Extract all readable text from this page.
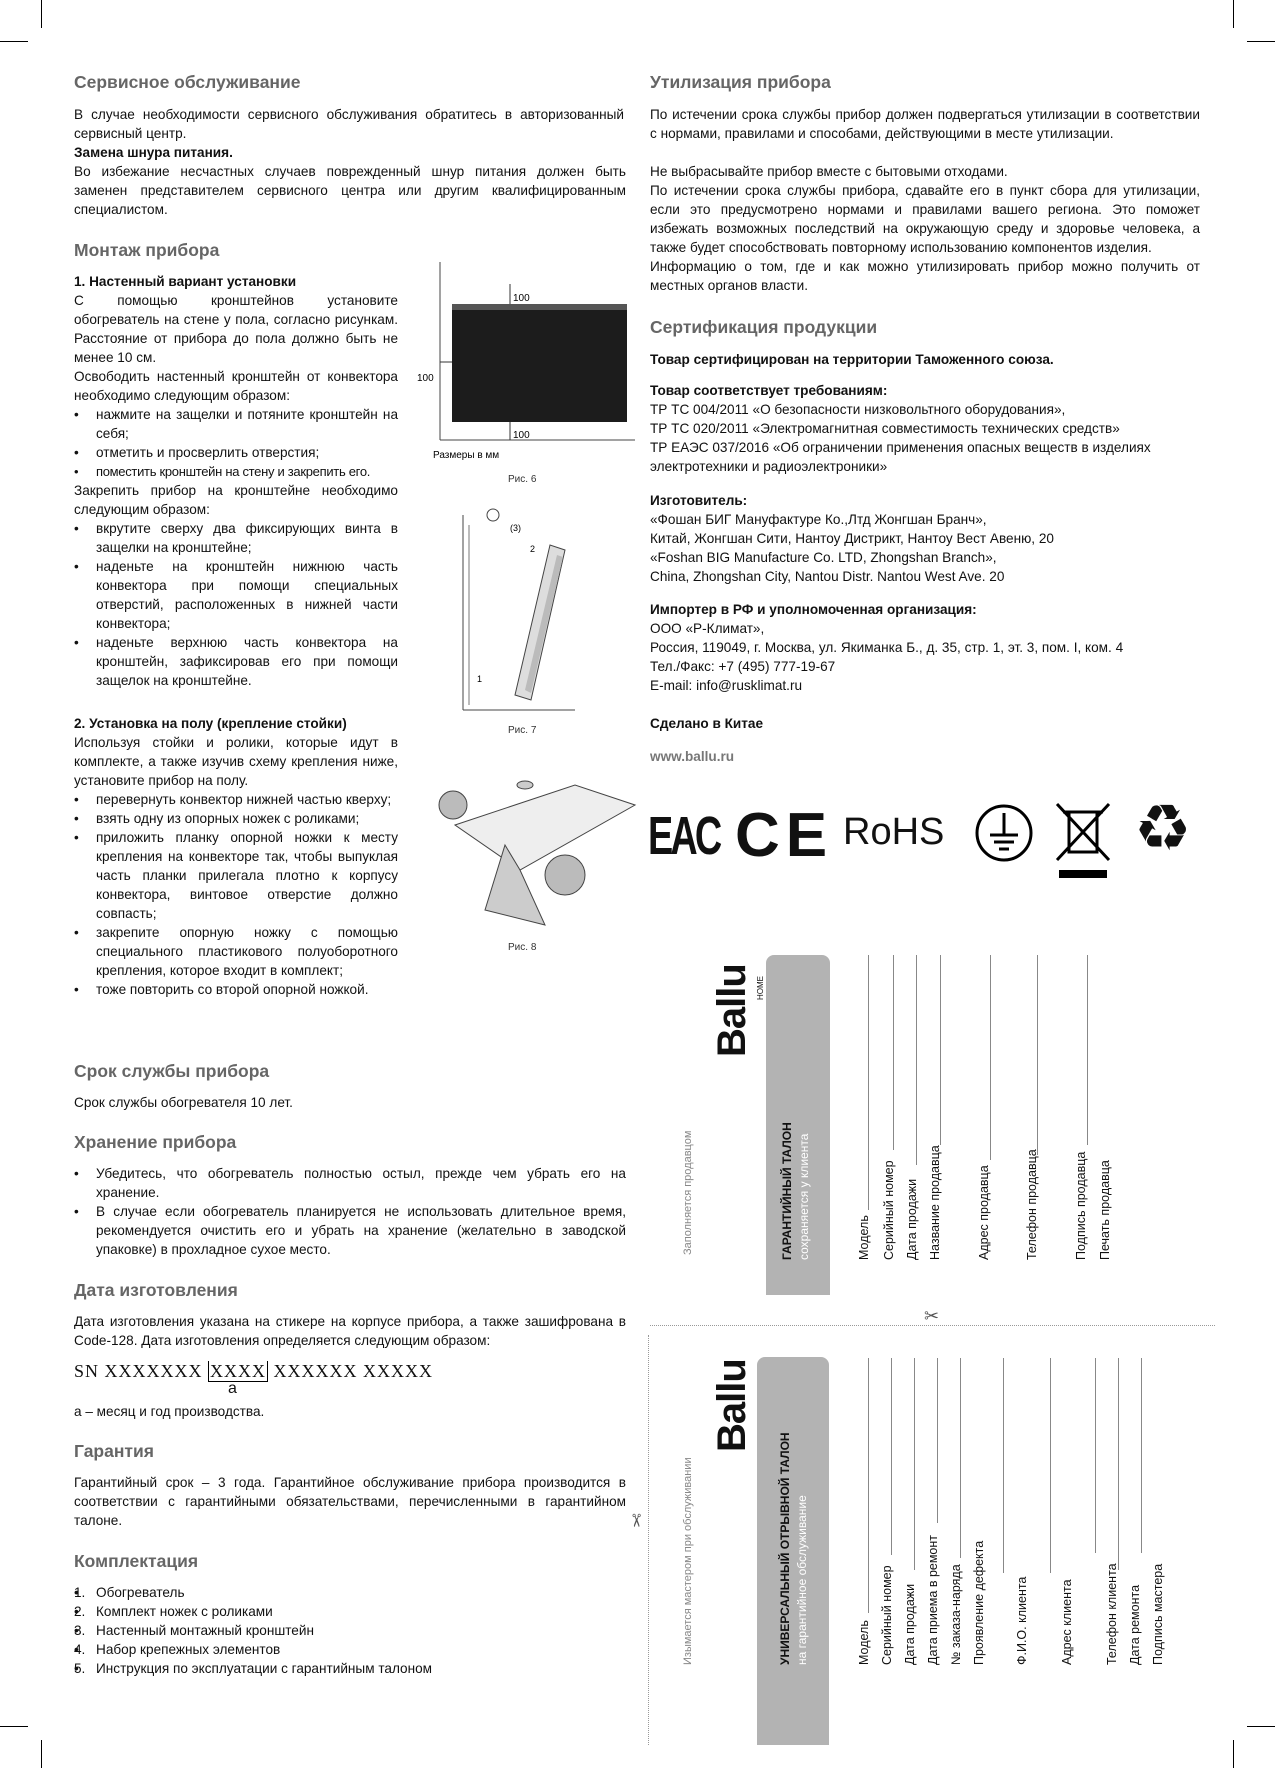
Сервисное обслуживание

В случае необходимости сервисного обслуживания обратитесь в авторизованный сервисный центр.

Замена шнура питания.

Во избежание несчастных случаев поврежденный шнур питания должен быть заменен представителем сервисного центра или другим квалифицированным специалистом.

Монтаж прибора

1. Настенный вариант установки

С помощью кронштейнов установите обогреватель на стене у пола, согласно рисункам. Расстояние от прибора до пола должно быть не менее 10 см.

Освободить настенный кронштейн от конвектора необходимо следующим образом:

• нажмите на защелки и потяните кронштейн на себя;
• отметить и просверлить отверстия;
• поместить кронштейн на стену и закрепить его.

Закрепить прибор на кронштейне необходимо следующим образом:

• вкрутите сверху два фиксирующих винта в защелки на кронштейне;
• наденьте на кронштейн нижнюю часть конвектора при помощи специальных отверстий, расположенных в нижней части конвектора;
• наденьте верхнюю часть конвектора на кронштейн, зафиксировав его при помощи защелок на кронштейне.

2. Установка на полу (крепление стойки)

Используя стойки и ролики, которые идут в комплекте, а также изучив схему крепления ниже, установите прибор на полу.

• перевернуть конвектор нижней частью кверху;
• взять одну из опорных ножек с роликами;
• приложить планку опорной ножки к месту крепления на конвекторе так, чтобы выпуклая часть планки прилегала плотно к корпусу конвектора, винтовое отверстие должно совпасть;
• закрепите опорную ножку с помощью специального пластикового полуоборотного крепления, которое входит в комплект;
• тоже повторить со второй опорной ножкой.
100
100
100
Размеры в мм
Рис. 6
(3)
2
1
Рис. 7
Рис. 8
Срок службы прибора

Срок службы обогревателя 10 лет.

Хранение прибора
• Убедитесь, что обогреватель полностью остыл, прежде чем убрать его на хранение.
• В случае если обогреватель планируется не использовать длительное время, рекомендуется очистить его и убрать на хранение (желательно в заводской упаковке) в прохладное сухое место.
Дата изготовления

Дата изготовления указана на стикере на корпусе прибора, а также зашифрована в Code-128. Дата изготовления определяется следующим образом:

SN XXXXXXX XXXX XXXXXX XXXXX
a

a – месяц и год производства.

Гарантия

Гарантийный срок – 3 года. Гарантийное обслуживание прибора производится в соответствии с гарантийными обязательствами, перечисленными в гарантийном талоне.

Комплектация
• 1. Обогреватель
• 2. Комплект ножек с роликами
• 3. Настенный монтажный кронштейн
• 4. Набор крепежных элементов
• 5. Инструкция по эксплуатации с гарантийным талоном
✂
Утилизация прибора

По истечении срока службы прибор должен подвергаться утилизации в соответствии с нормами, правилами и способами, действующими в месте утилизации.

Не выбрасывайте прибор вместе с бытовыми отходами.

По истечении срока службы прибора, сдавайте его в пункт сбора для утилизации, если это предусмотрено нормами и правилами вашего региона. Это поможет избежать возможных последствий на окружающую среду и здоровье человека, а также будет способствовать повторному использованию компонентов изделия.

Информацию о том, где и как можно утилизировать прибор можно получить от местных органов власти.

Сертификация продукции

Товар сертифицирован на территории Таможенного союза.

Товар соответствует требованиям:

ТР ТС 004/2011 «О безопасности низковольтного оборудования»,
ТР ТС 020/2011 «Электромагнитная совместимость технических средств»
ТР ЕАЭС 037/2016 «Об ограничении применения опасных веществ в изделиях электротехники и радиоэлектроники»

Изготовитель:

«Фошан БИГ Мануфактуре Ко.,Лтд Жонгшан Бранч»,
Китай, Жонгшан Сити, Нантоу Дистрикт, Нантоу Вест Авеню, 20
«Foshan BIG Manufacture Co. LTD, Zhongshan Branch»,
China, Zhongshan City, Nantou Distr. Nantou West Ave. 20

Импортер в РФ и уполномоченная организация:

ООО «Р-Климат»,
Россия, 119049, г. Москва, ул. Якиманка Б., д. 35, стр. 1, эт. 3, пом. I, ком. 4
Тел./Факс: +7 (495) 777-19-67
E-mail: info@rusklimat.ru

Сделано в Китае

www.ballu.ru

EAC CE RoHS	♻
✂
Заполняется продавцом
Ballu HOME
ГАРАНТИЙНЫЙ ТАЛОН сохраняется у клиента	Модель Серийный номер Дата продажи Название продавца	Адрес продавца	Телефон продавца	Подпись продавца Печать продавца
Изымается мастером при обслуживании
Ballu
УНИВЕРСАЛЬНЫЙ ОТРЫВНОЙ ТАЛОН на гарантийное обслуживание	Модель Серийный номер Дата продажи Дата приема в ремонт № заказа-наряда Проявление дефекта Ф.И.О. клиента Адрес клиента Телефон клиента Дата ремонта Подпись мастера
